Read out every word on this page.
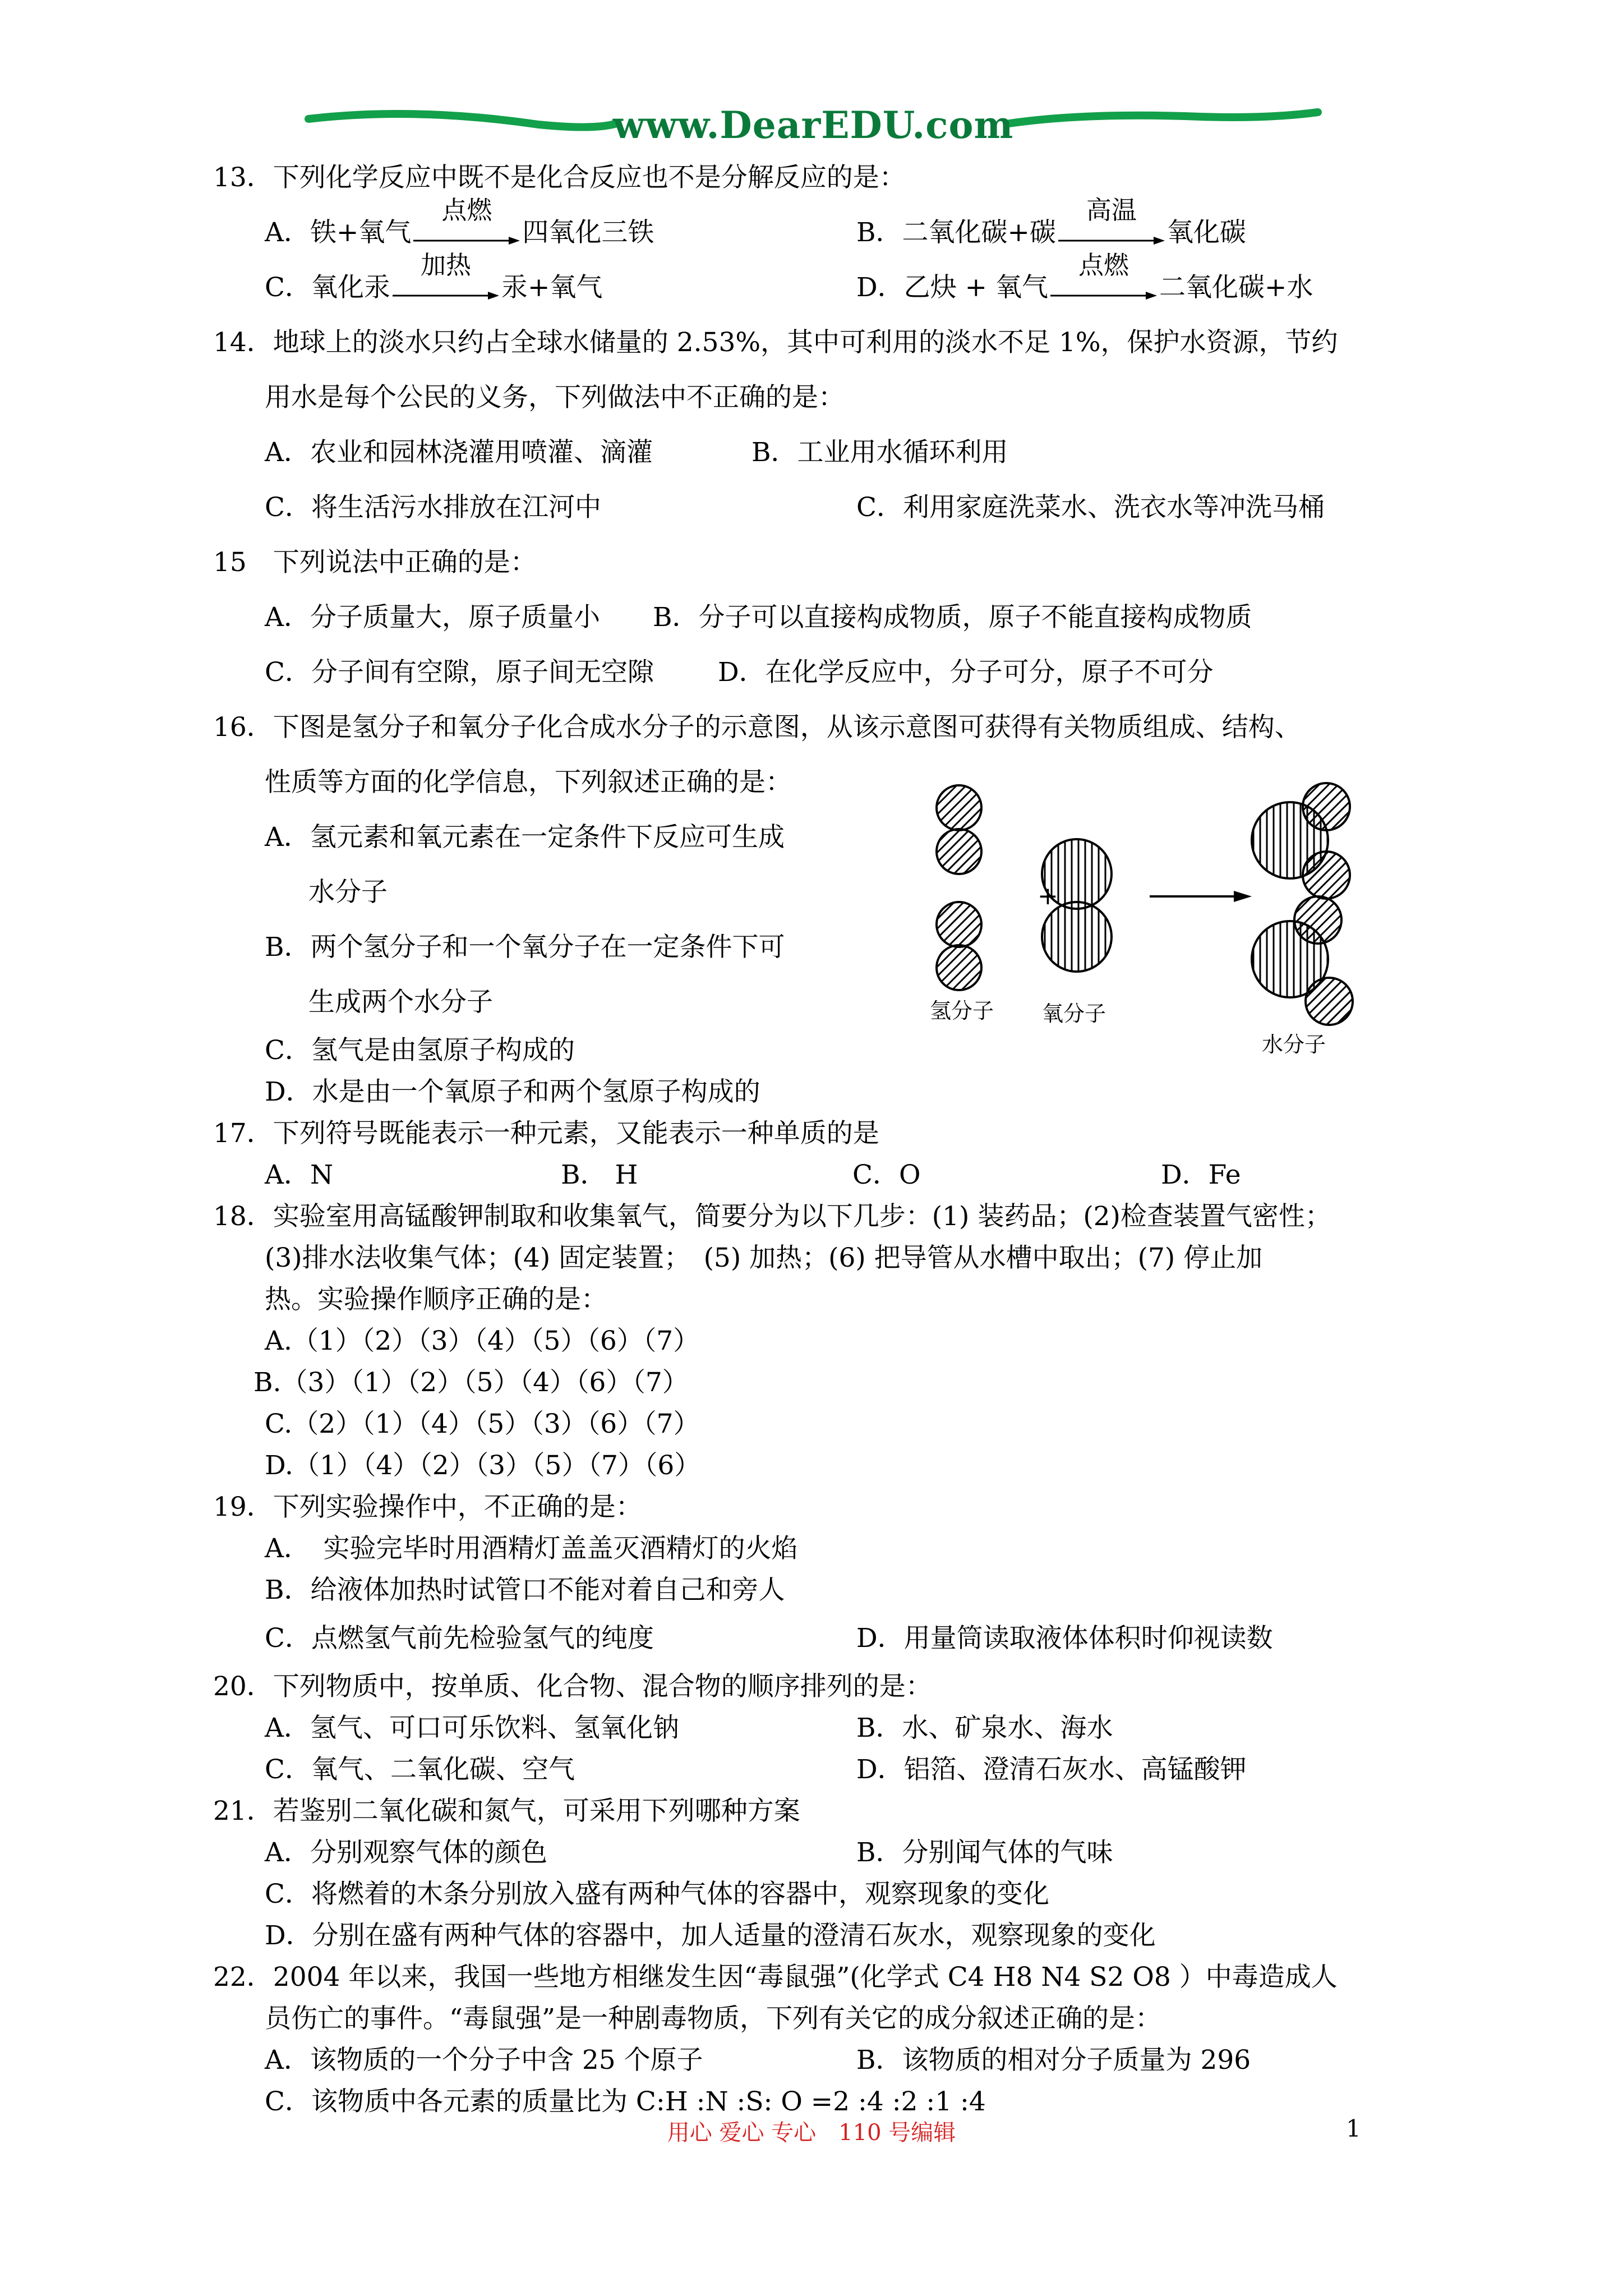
www.DearEDU.com
13．下列化学反应中既不是化合反应也不是分解反应的是：
A．铁+氧气
点燃
四氧化三铁	B．二氧化碳+碳
高温
氧化碳
C．氧化汞
加热
汞+氧气	D．乙炔 + 氧气
点燃
二氧化碳+水
14．地球上的淡水只约占全球水储量的 2.53%，其中可利用的淡水不足 1%，保护水资源，节约
用水是每个公民的义务，下列做法中不正确的是：
A．农业和园林浇灌用喷灌、滴灌	B．工业用水循环利用
C．将生活污水排放在江河中	C．利用家庭洗菜水、洗衣水等冲洗马桶
15　下列说法中正确的是：
A．分子质量大，原子质量小　　B．分子可以直接构成物质，原子不能直接构成物质
C．分子间有空隙，原子间无空隙	D．在化学反应中，分子可分，原子不可分
16．下图是氢分子和氧分子化合成水分子的示意图，从该示意图可获得有关物质组成、结构、
性质等方面的化学信息，下列叙述正确的是：
A．氢元素和氧元素在一定条件下反应可生成
水分子
B．两个氢分子和一个氧分子在一定条件下可
生成两个水分子
C．氢气是由氢原子构成的
D．水是由一个氧原子和两个氢原子构成的
17．下列符号既能表示一种元素，又能表示一种单质的是
A．N	B． H	C．O	D．Fe
18．实验室用高锰酸钾制取和收集氧气，简要分为以下几步：(1) 装药品；(2)检查装置气密性；
(3)排水法收集气体；(4) 固定装置；　(5) 加热；(6) 把导管从水槽中取出；(7) 停止加
热。实验操作顺序正确的是：
A.（1）（2）（3）（4）（5）（6）（7）
B.（3）（1）（2）（5）（4）（6）（7）
C.（2）（1）（4）（5）（3）（6）（7）
D.（1）（4）（2）（3）（5）（7）（6）
19．下列实验操作中，不正确的是：
A．　实验完毕时用酒精灯盖盖灭酒精灯的火焰
B．给液体加热时试管口不能对着自己和旁人
C．点燃氢气前先检验氢气的纯度	D．用量筒读取液体体积时仰视读数
20．下列物质中，按单质、化合物、混合物的顺序排列的是：
A．氢气、可口可乐饮料、氢氧化钠	B．水、矿泉水、海水
C．氧气、二氧化碳、空气	D．铝箔、澄清石灰水、高锰酸钾
21．若鉴别二氧化碳和氮气，可采用下列哪种方案
A．分别观察气体的颜色	B．分别闻气体的气味
C．将燃着的木条分别放入盛有两种气体的容器中，观察现象的变化
D．分别在盛有两种气体的容器中，加人适量的澄清石灰水，观察现象的变化
22．2004 年以来，我国一些地方相继发生因“毒鼠强”(化学式 C4 H8 N4 S2 O8 ）中毒造成人
员伤亡的事件。“毒鼠强”是一种剧毒物质，下列有关它的成分叙述正确的是：
A．该物质的一个分子中含 25 个原子	B．该物质的相对分子质量为 296
C．该物质中各元素的质量比为 C:H :N :S: O =2 :4 :2 :1 :4
+
氢分子 氧分子
水分子
用心 爱心 专心　110 号编辑	1
